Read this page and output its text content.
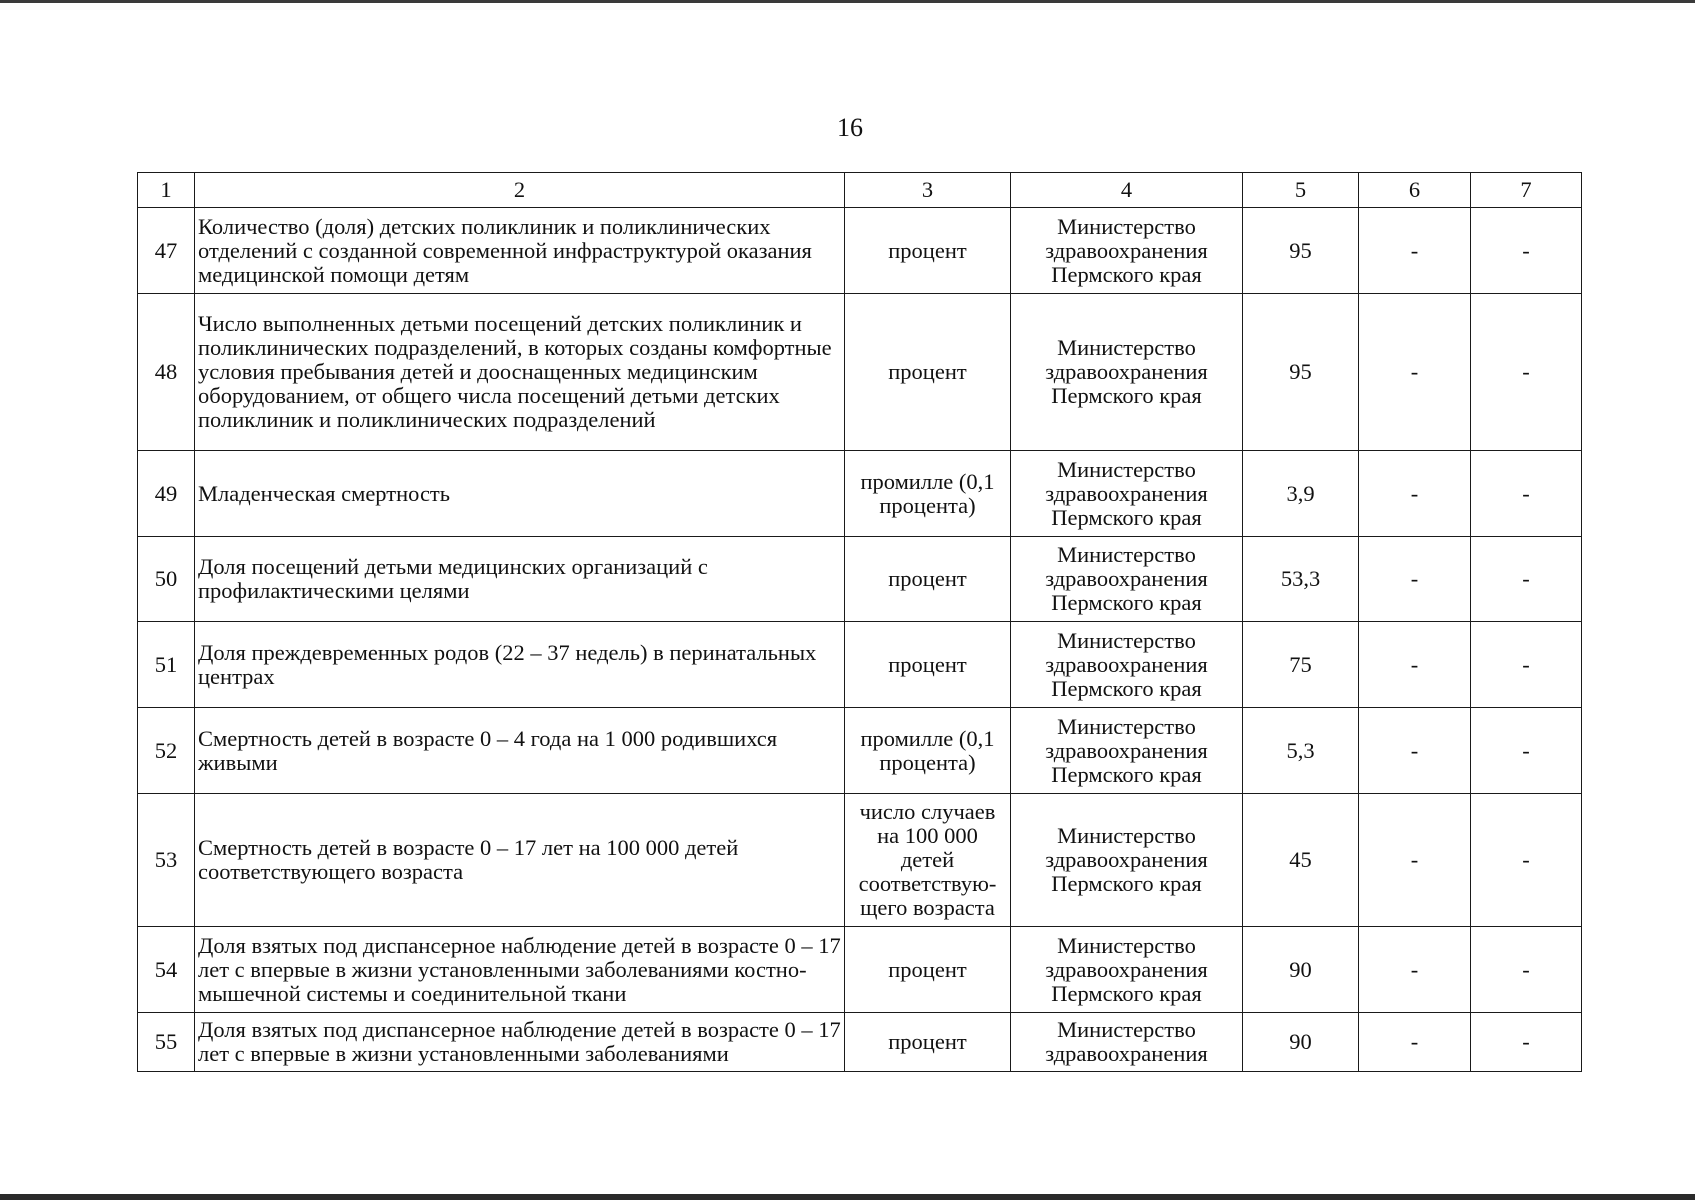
16
1	2	3	4	5	6	7
47	Количество (доля) детских поликлиник и поликлинических отделений с созданной современной инфраструктурой оказания медицинской помощи детям	процент	Министерство здравоохранения Пермского края	95	-	-
48	Число выполненных детьми посещений детских поликлиник и поликлинических подразделений, в которых созданы комфортные условия пребывания детей и дооснащенных медицинским оборудованием, от общего числа посещений детьми детских поликлиник и поликлинических подразделений	процент	Министерство здравоохранения Пермского края	95	-	-
49	Младенческая смертность	промилле (0,1 процента)	Министерство здравоохранения Пермского края	3,9	-	-
50	Доля посещений детьми медицинских организаций с профилактическими целями	процент	Министерство здравоохранения Пермского края	53,3	-	-
51	Доля преждевременных родов (22 – 37 недель) в перинатальных центрах	процент	Министерство здравоохранения Пермского края	75	-	-
52	Смертность детей в возрасте 0 – 4 года на 1 000 родившихся живыми	промилле (0,1 процента)	Министерство здравоохранения Пермского края	5,3	-	-
53	Смертность детей в возрасте 0 – 17 лет на 100 000 детей соответствующего возраста	число случаев на 100 000 детей соответствую-щего возраста	Министерство здравоохранения Пермского края	45	-	-
54	Доля взятых под диспансерное наблюдение детей в возрасте 0 – 17 лет с впервые в жизни установленными заболеваниями костно-мышечной системы и соединительной ткани	процент	Министерство здравоохранения Пермского края	90	-	-
55	Доля взятых под диспансерное наблюдение детей в возрасте 0 – 17 лет с впервые в жизни установленными заболеваниями	процент	Министерство здравоохранения	90	-	-
